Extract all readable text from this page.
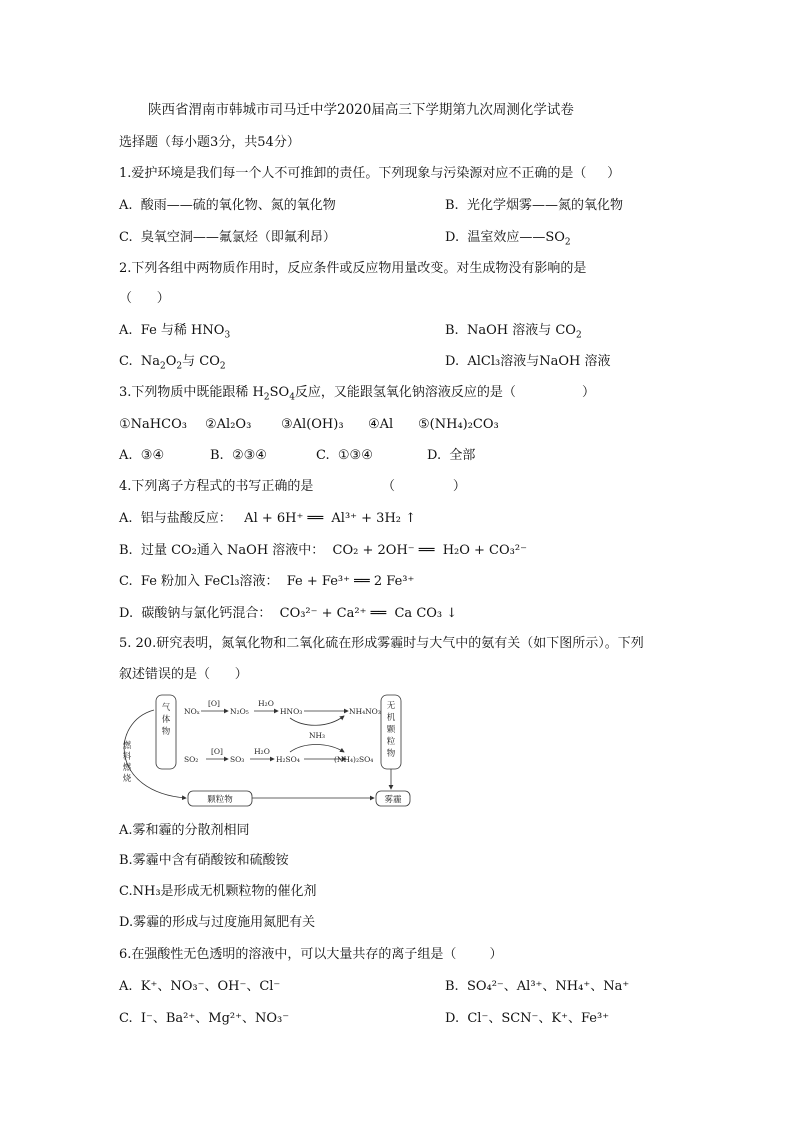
陕西省渭南市韩城市司马迁中学2020届高三下学期第九次周测化学试卷
选择题（每小题3分，共54分）
1.爱护环境是我们每一个人不可推卸的责任。下列现象与污染源对应不正确的是（     ）
A.  酸雨——硫的氧化物、氮的氧化物	B.  光化学烟雾——氮的氧化物
C.  臭氧空洞——氟氯烃（即氟利昂）	D.  温室效应$——SO_2$
2.下列各组中两物质作用时，反应条件或反应物用量改变。对生成物没有影响的是
（      ）
A.  Fe 与稀 $HNO_3$	B.  NaOH 溶液与 $CO_2$
C.  $Na_2O_2$与 $CO_2$	D.  AlCl₃溶液与NaOH 溶液
3.下列物质中既能跟稀 $H_2SO_4$反应，又能跟氢氧化钠溶液反应的是（                ）
①NaHCO₃ ②Al₂O₃ ③Al(OH)₃ ④Al ⑤(NH₄)₂CO₃
A.  ③④	B.  ②③④	C.  ①③④	D.  全部
4.下列离子方程式的书写正确的是	（              ）
A.  铝与盐酸反应：   Al + 6H⁺ ══  Al³⁺ + 3H₂ ↑
B.  过量 CO₂通入 NaOH 溶液中：  CO₂ + 2OH⁻ ══  H₂O + CO₃²⁻
C.  Fe 粉加入 FeCl₃溶液：  Fe + Fe³⁺ ══ 2 Fe³⁺
D.  碳酸钠与氯化钙混合：  CO₃²⁻ + Ca²⁺ ══  Ca CO₃ ↓
5. 20.研究表明，氮氧化物和二氧化硫在形成雾霾时与大气中的氨有关（如下图所示）。下列
叙述错误的是（      ）
气
体
物
无
机
颗
粒
物
燃
料
燃
烧
颗粒物	雾霾
NOₓ
[O]
N₂O₅
H₂O
HNO₃	NH₄NO₃
NH₃
SO₂
[O]
SO₃
H₂O
H₂SO₄	(NH₄)₂SO₄
A.雾和霾的分散剂相同
B.雾霾中含有硝酸铵和硫酸铵
C.NH₃是形成无机颗粒物的催化剂
D.雾霾的形成与过度施用氮肥有关
6.在强酸性无色透明的溶液中，可以大量共存的离子组是（        ）
A.  K⁺、NO₃⁻、OH⁻、Cl⁻	B.  SO₄²⁻、Al³⁺、NH₄⁺、Na⁺
C.  I⁻、Ba²⁺、Mg²⁺、NO₃⁻	D.  Cl⁻、SCN⁻、K⁺、Fe³⁺
